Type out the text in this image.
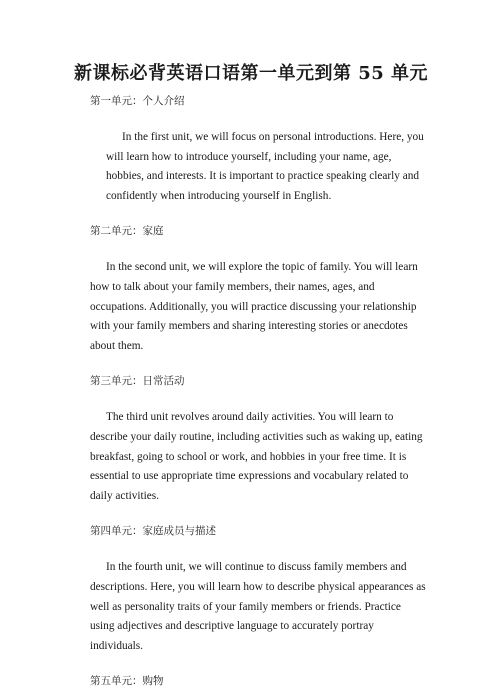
新课标必背英语口语第一单元到第 55 单元

第一单元：个人介绍

In the first unit, we will focus on personal introductions. Here, you will learn how to introduce yourself, including your name, age, hobbies, and interests. It is important to practice speaking clearly and confidently when introducing yourself in English.

第二单元：家庭

In the second unit, we will explore the topic of family. You will learn how to talk about your family members, their names, ages, and occupations. Additionally, you will practice discussing your relationship with your family members and sharing interesting stories or anecdotes about them.

第三单元：日常活动

The third unit revolves around daily activities. You will learn to describe your daily routine, including activities such as waking up, eating breakfast, going to school or work, and hobbies in your free time. It is essential to use appropriate time expressions and vocabulary related to daily activities.

第四单元：家庭成员与描述

In the fourth unit, we will continue to discuss family members and descriptions. Here, you will learn how to describe physical appearances as well as personality traits of your family members or friends. Practice using adjectives and descriptive language to accurately portray individuals.

第五单元：购物
